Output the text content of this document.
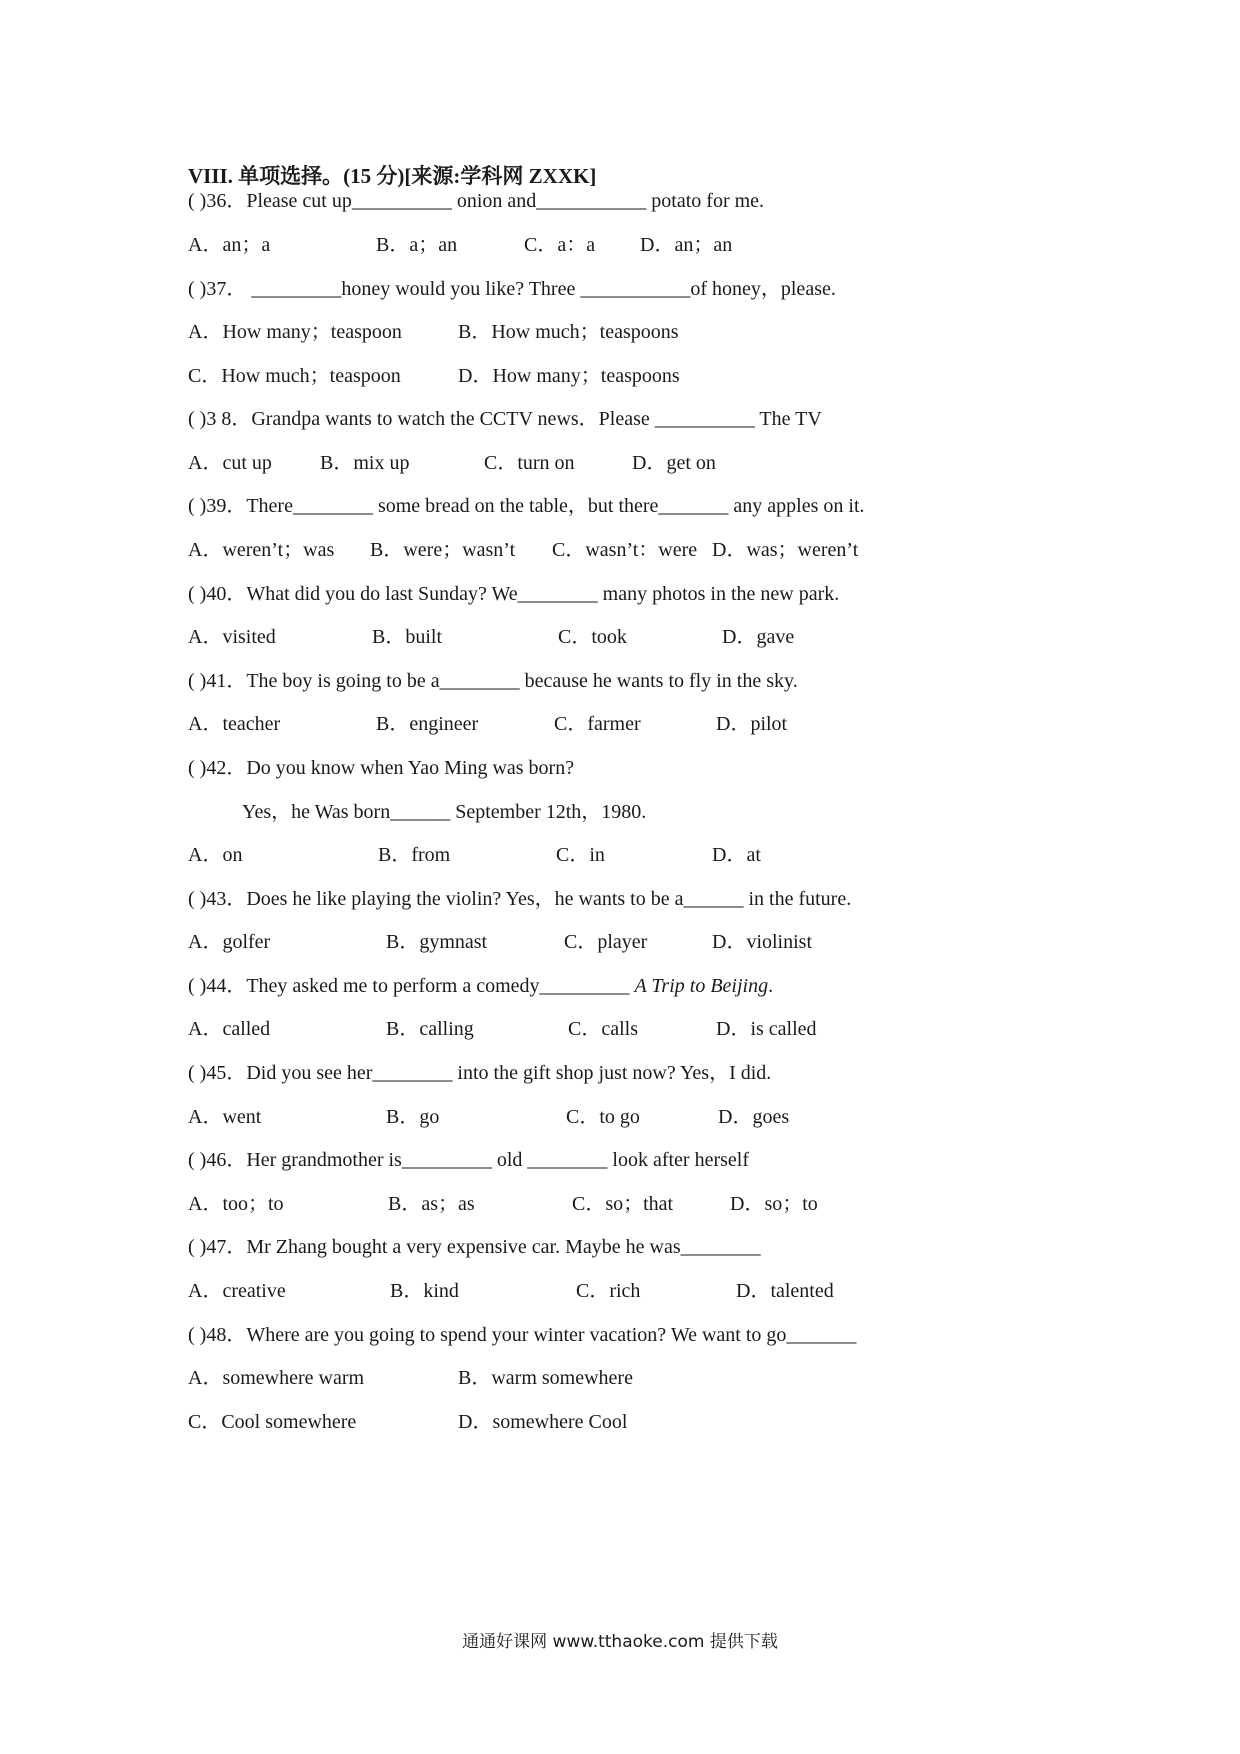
VIII. 单项选择。(15 分)[来源:学科网 ZXXK]
( )36．Please cut up__________ onion and___________ potato for me.
A．an；a	B．a；an	C．a：a D．an；an
( )37． _________honey would you like? Three ___________of honey，please.
A．How many；teaspoon	B．How much；teaspoons
C．How much；teaspoon	D．How many；teaspoons
( )3 8．Grandpa wants to watch the CCTV news．Please __________ The TV
A．cut up B．mix up	C．turn on	D．get on
( )39．There________ some bread on the table，but there_______ any apples on it.
A．weren’t；was B．were；wasn’t C．wasn’t：were D．was；weren’t
( )40．What did you do last Sunday? We________ many photos in the new park.
A．visited	B．built	C．took	D．gave
( )41．The boy is going to be a________ because he wants to fly in the sky.
A．teacher	B．engineer	C．farmer	D．pilot
( )42．Do you know when Yao Ming was born?
Yes，he Was born______ September 12th，1980.
A．on	B．from	C．in	D．at
( )43．Does he like playing the violin? Yes，he wants to be a______ in the future.
A．golfer	B．gymnast	C．player	D．violinist
( )44．They asked me to perform a comedy_________ A Trip to Beijing.
A．called	B．calling	C．calls	D．is called
( )45．Did you see her________ into the gift shop just now? Yes，I did.
A．went	B．go	C．to go	D．goes
( )46．Her grandmother is_________ old ________ look after herself
A．too；to	B．as；as	C．so；that	D．so；to
( )47．Mr Zhang bought a very expensive car. Maybe he was________
A．creative	B．kind	C．rich	D．talented
( )48．Where are you going to spend your winter vacation? We want to go_______
A．somewhere warm	B．warm somewhere
C．Cool somewhere	D．somewhere Cool
通通好课网 www.tthaoke.com 提供下载
